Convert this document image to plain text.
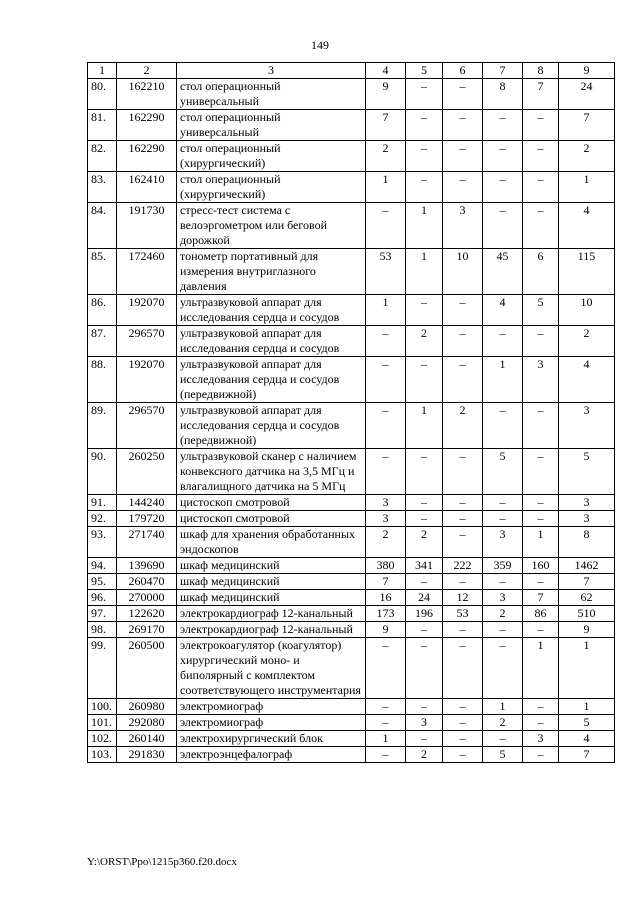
149
1	2	3	4	5	6	7	8	9
80.	162210	стол операционный универсальный	9	–	–	8	7	24
81.	162290	стол операционный универсальный	7	–	–	–	–	7
82.	162290	стол операционный (хирургический)	2	–	–	–	–	2
83.	162410	стол операционный (хирургический)	1	–	–	–	–	1
84.	191730	стресс-тест система с велоэргометром или беговой дорожкой	–	1	3	–	–	4
85.	172460	тонометр портативный для измерения внутриглазного давления	53	1	10	45	6	115
86.	192070	ультразвуковой аппарат для исследования сердца и сосудов	1	–	–	4	5	10
87.	296570	ультразвуковой аппарат для исследования сердца и сосудов	–	2	–	–	–	2
88.	192070	ультразвуковой аппарат для исследования сердца и сосудов (передвижной)	–	–	–	1	3	4
89.	296570	ультразвуковой аппарат для исследования сердца и сосудов (передвижной)	–	1	2	–	–	3
90.	260250	ультразвуковой сканер с наличием конвексного датчика на 3,5 МГц и влагалищного датчика на 5 МГц	–	–	–	5	–	5
91.	144240	цистоскоп смотровой	3	–	–	–	–	3
92.	179720	цистоскоп смотровой	3	–	–	–	–	3
93.	271740	шкаф для хранения обработанных эндоскопов	2	2	–	3	1	8
94.	139690	шкаф медицинский	380	341	222	359	160	1462
95.	260470	шкаф медицинский	7	–	–	–	–	7
96.	270000	шкаф медицинский	16	24	12	3	7	62
97.	122620	электрокардиограф 12-канальный	173	196	53	2	86	510
98.	269170	электрокардиограф 12-канальный	9	–	–	–	–	9
99.	260500	электрокоагулятор (коагулятор) хирургический моно- и биполярный с комплектом соответствующего инструментария	–	–	–	–	1	1
100.	260980	электромиограф	–	–	–	1	–	1
101.	292080	электромиограф	–	3	–	2	–	5
102.	260140	электрохирургический блок	1	–	–	–	3	4
103.	291830	электроэнцефалограф	–	2	–	5	–	7
Y:\ORST\Ppo\1215p360.f20.docx
